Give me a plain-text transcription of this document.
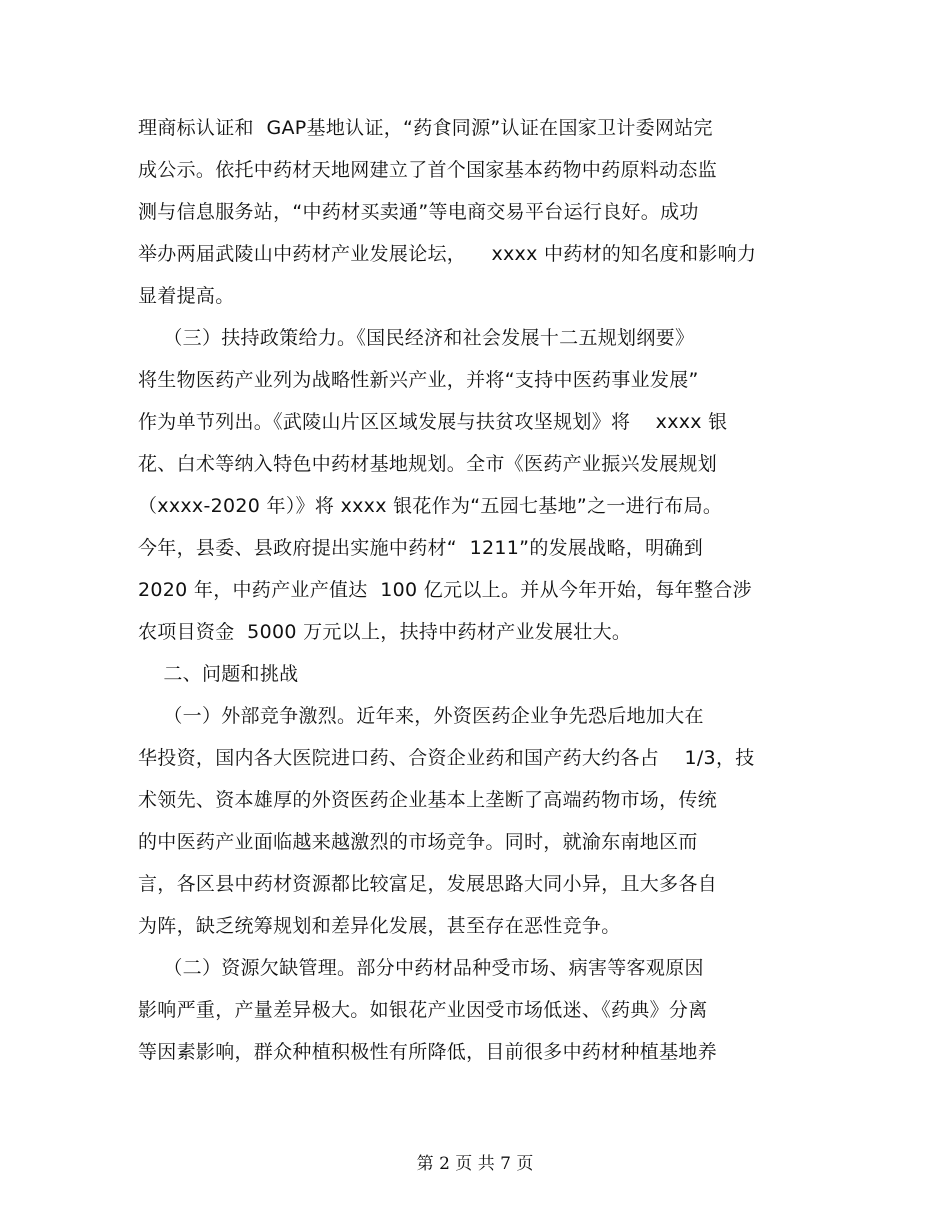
理商标认证和  GAP基地认证，“药食同源”认证在国家卫计委网站完
成公示。依托中药材天地网建立了首个国家基本药物中药原料动态监
测与信息服务站，“中药材买卖通”等电商交易平台运行良好。成功
举办两届武陵山中药材产业发展论坛，    xxxx 中药材的知名度和影响力
显着提高。
（三）扶持政策给力。《国民经济和社会发展十二五规划纲要》
将生物医药产业列为战略性新兴产业，并将“支持中医药事业发展”
作为单节列出。《武陵山片区区域发展与扶贫攻坚规划》将    xxxx 银
花、白术等纳入特色中药材基地规划。全市《医药产业振兴发展规划
（xxxx-2020 年）》将 xxxx 银花作为“五园七基地”之一进行布局。
今年，县委、县政府提出实施中药材“  1211”的发展战略，明确到
2020 年，中药产业产值达  100 亿元以上。并从今年开始，每年整合涉
农项目资金  5000 万元以上，扶持中药材产业发展壮大。
二、问题和挑战
（一）外部竞争激烈。近年来，外资医药企业争先恐后地加大在
华投资，国内各大医院进口药、合资企业药和国产药大约各占    1/3，技
术领先、资本雄厚的外资医药企业基本上垄断了高端药物市场，传统
的中医药产业面临越来越激烈的市场竞争。同时，就渝东南地区而
言，各区县中药材资源都比较富足，发展思路大同小异，且大多各自
为阵，缺乏统筹规划和差异化发展，甚至存在恶性竞争。
（二）资源欠缺管理。部分中药材品种受市场、病害等客观原因
影响严重，产量差异极大。如银花产业因受市场低迷、《药典》分离
等因素影响，群众种植积极性有所降低，目前很多中药材种植基地养
第 2 页 共 7 页
